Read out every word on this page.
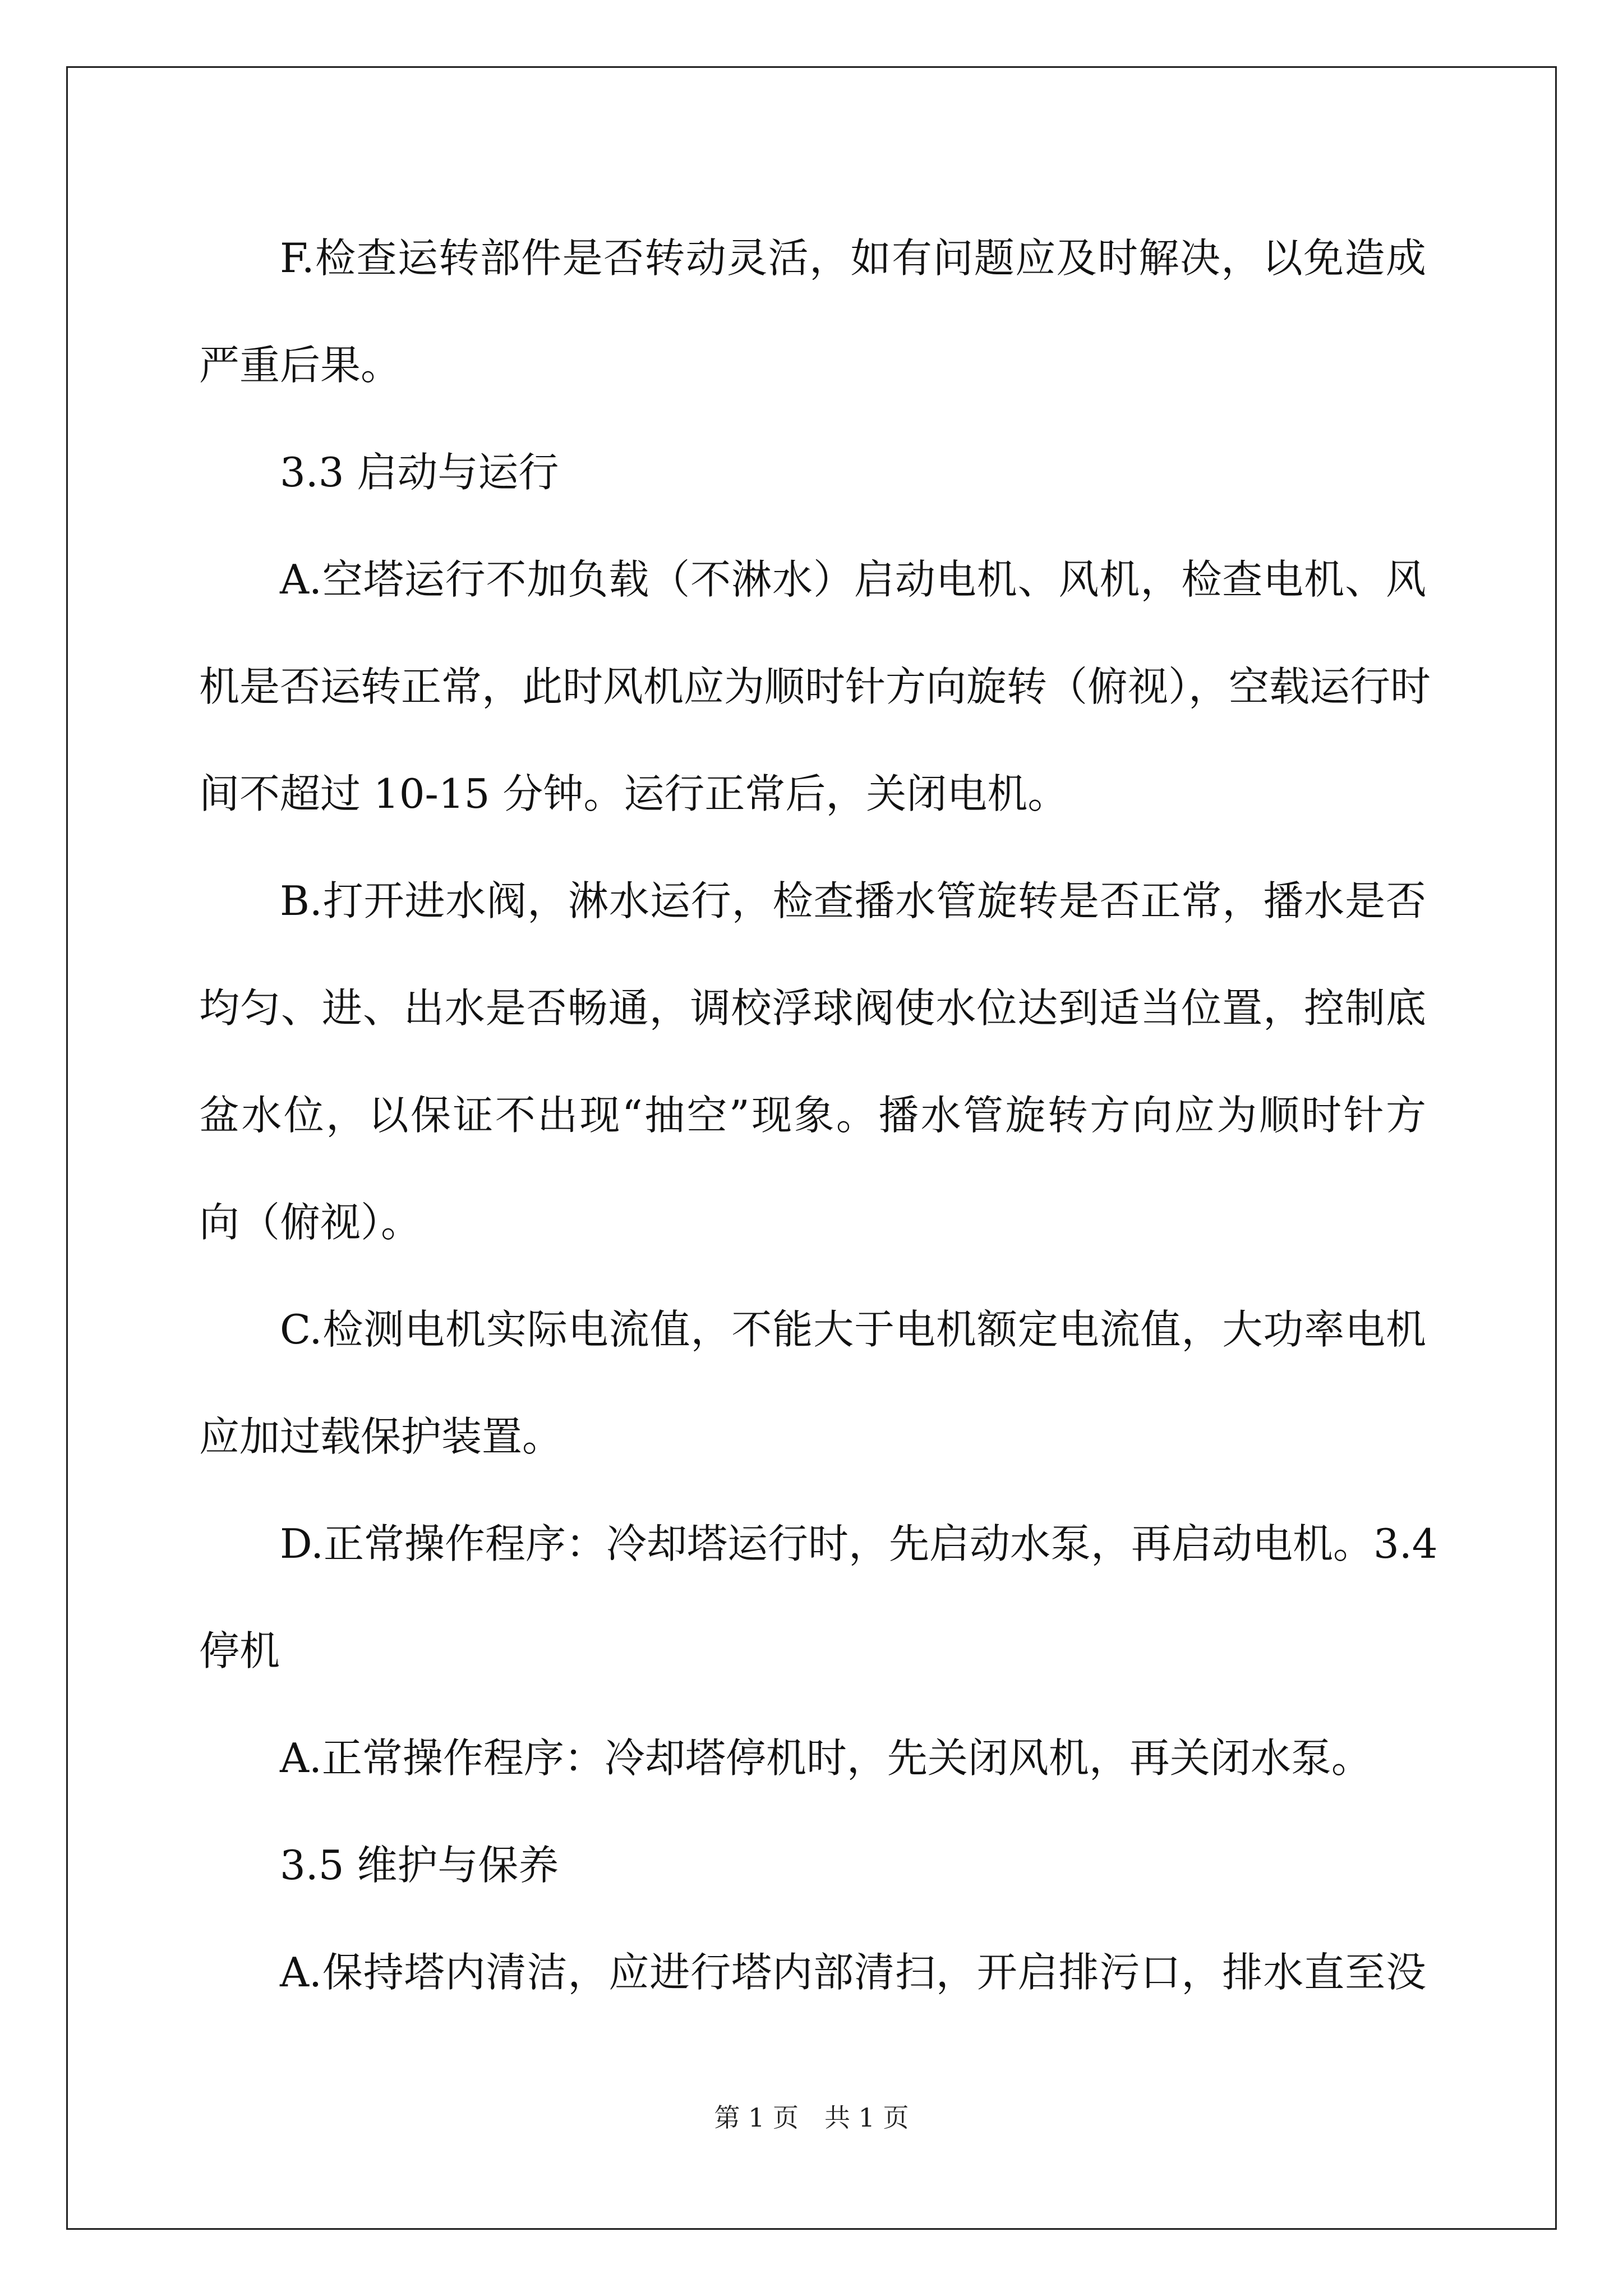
F.检查运转部件是否转动灵活，如有问题应及时解决，以免造成
严重后果。
3.3 启动与运行
A.空塔运行不加负载（不淋水）启动电机、风机，检查电机、风
机是否运转正常，此时风机应为顺时针方向旋转（俯视），空载运行时
间不超过 10-15 分钟。运行正常后，关闭电机。
B.打开进水阀，淋水运行，检查播水管旋转是否正常，播水是否
均匀、进、出水是否畅通，调校浮球阀使水位达到适当位置，控制底
盆水位，以保证不出现“抽空”现象。播水管旋转方向应为顺时针方
向（俯视）。
C.检测电机实际电流值，不能大于电机额定电流值，大功率电机
应加过载保护装置。
D.正常操作程序：冷却塔运行时，先启动水泵，再启动电机。3.4
停机
A.正常操作程序：冷却塔停机时，先关闭风机，再关闭水泵。
3.5 维护与保养
A.保持塔内清洁，应进行塔内部清扫，开启排污口，排水直至没
第 1 页　共 1 页
